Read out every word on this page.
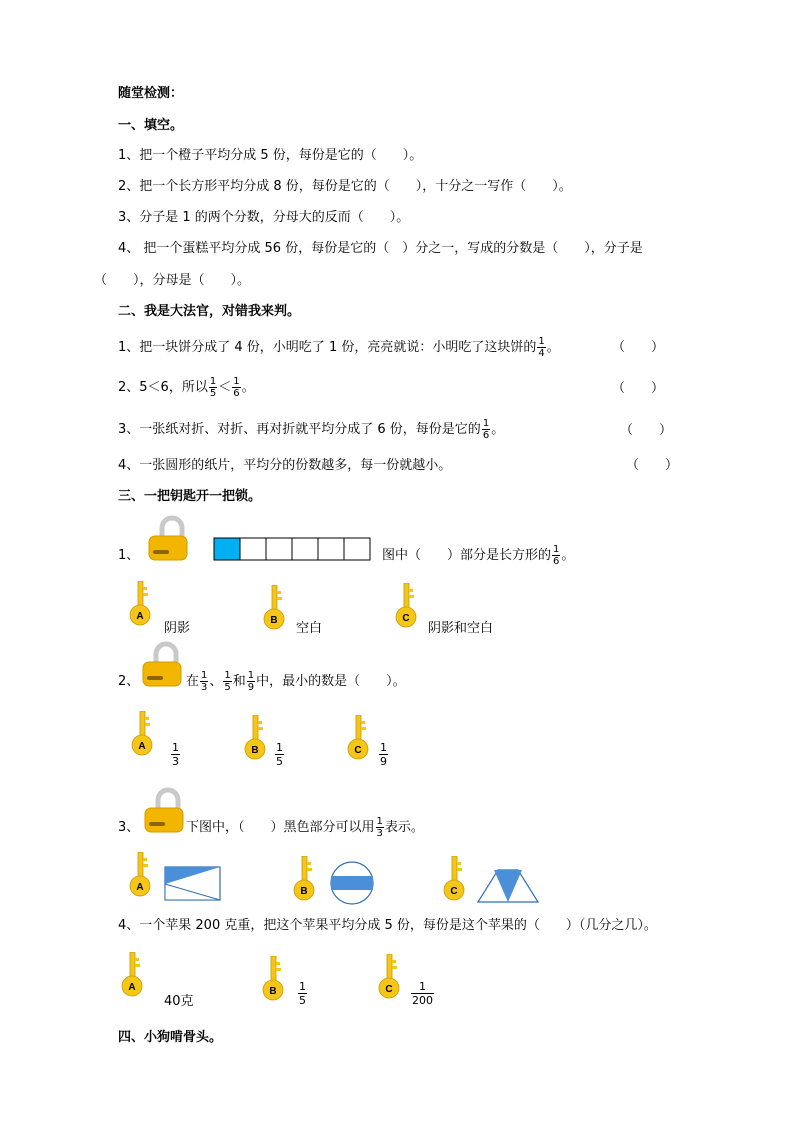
随堂检测：
一、填空。
1、把一个橙子平均分成 5 份，每份是它的（　　）。
2、把一个长方形平均分成 8 份，每份是它的（　　），十分之一写作（　　）。
3、分子是 1 的两个分数，分母大的反而（　　）。
4、 把一个蛋糕平均分成 56 份，每份是它的（　）分之一，写成的分数是（　　），分子是
（　　），分母是（　　）。
二、我是大法官，对错我来判。
1、把一块饼分成了 4 份，小明吃了 1 份，亮亮就说：小明吃了这块饼的 $\frac{1}{4}$ 。	（　　）
2、5＜6，所以 $\frac{1}{5} < \frac{1}{6}$ 。	（　　）
3、一张纸对折、对折、再对折就平均分成了 6 份，每份是它的 $\frac{1}{6}$ 。	（　　）
4、一张圆形的纸片，平均分的份数越多，每一份就越小。	（　　）
三、一把钥匙开一把锁。
1、	图中（　　）部分是长方形的 $\frac{1}{6}$ 。
A
阴影
B
空白
C
阴影和空白
2、	在 $\frac{1}{3}$ 、 $\frac{1}{5}$ 和 $\frac{1}{9}$ 中，最小的数是（　　）。
A $\frac{1}{3}$	B $\frac{1}{5}$	C $\frac{1}{9}$
3、	下图中，（　　）黑色部分可以用 $\frac{1}{3}$ 表示。
A	B	C
4、一个苹果 200 克重，把这个苹果平均分成 5 份，每份是这个苹果的（　　）（几分之几）。
A
40克
B $\frac{1}{5}$	C $\frac{1}{200}$
四、小狗啃骨头。
